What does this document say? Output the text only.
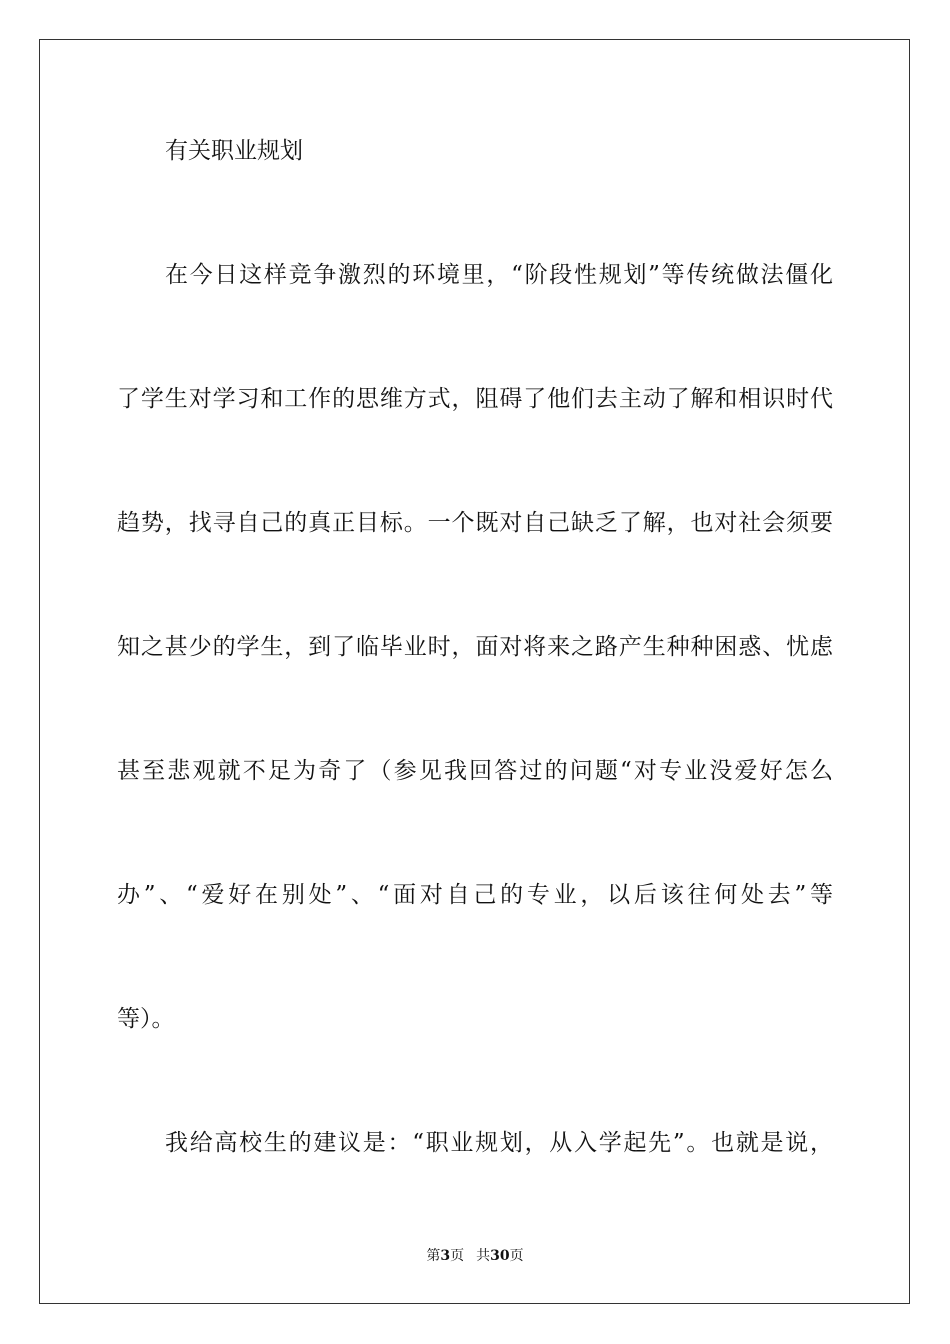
有关职业规划
在今日这样竞争激烈的环境里，“阶段性规划”等传统做法僵化
了学生对学习和工作的思维方式，阻碍了他们去主动了解和相识时代
趋势，找寻自己的真正目标。一个既对自己缺乏了解，也对社会须要
知之甚少的学生，到了临毕业时，面对将来之路产生种种困惑、忧虑
甚至悲观就不足为奇了（参见我回答过的问题“对专业没爱好怎么
办”、“爱好在别处”、“面对自己的专业，以后该往何处去”等
等）。
我给高校生的建议是：“职业规划，从入学起先”。也就是说，
第3页 共30页
